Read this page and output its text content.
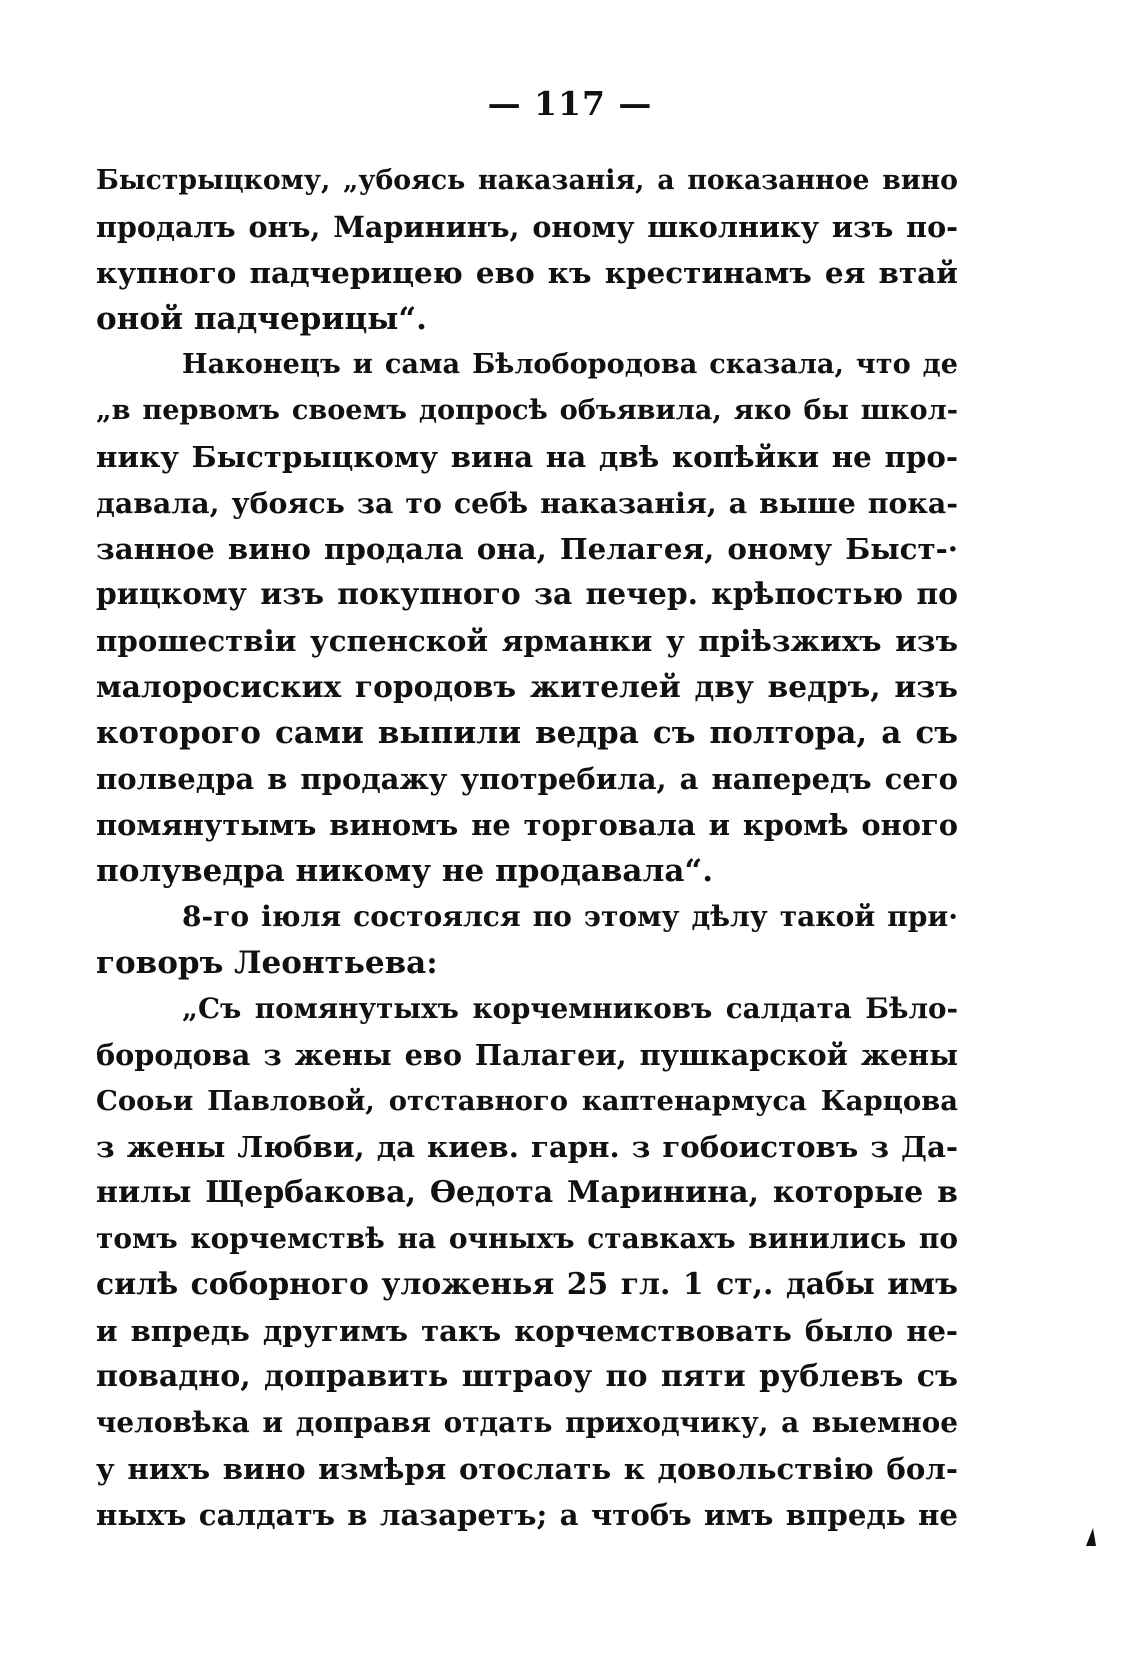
— 117 —
Быстрыцкому, „убоясь наказанія, а показанное вино
продалъ онъ, Марининъ, оному школнику изъ по-
купного падчерицею ево къ крестинамъ ея втай
оной падчерицы“.
Наконецъ и сама Бѣлобородова сказала, что де
„в первомъ своемъ допросѣ объявила, яко бы школ-
нику Быстрыцкому вина на двѣ копѣйки не про-
давала, убоясь за то себѣ наказанія, а выше пока-
занное вино продала она, Пелагея, оному Быст-·
рицкому изъ покупного за печер. крѣпостью по
прошествіи успенской ярманки у пріѣзжихъ изъ
малоросиских городовъ жителей дву ведръ, изъ
которого сами выпили ведра съ полтора, а съ
полведра в продажу употребила, а напередъ сего
помянутымъ виномъ не торговала и кромѣ оного
полуведра никому не продавала“.
8-го іюля состоялся по этому дѣлу такой при·
говоръ Леонтьева:
„Съ помянутыхъ корчемниковъ салдата Бѣло-
бородова з жены ево Палагеи, пушкарской жены
Сооьи Павловой, отставного каптенармуса Карцова
з жены Любви, да киев. гарн. з гобоистовъ з Да-
нилы Щербакова, Өедота Маринина, которые в
томъ корчемствѣ на очныхъ ставкахъ винились по
силѣ соборного уложенья 25 гл. 1 ст,. дабы имъ
и впредь другимъ такъ корчемствовать было не-
повадно, доправить штраоу по пяти рублевъ съ
человѣка и доправя отдать приходчику, а выемное
у нихъ вино измѣря отослать к довольствію бол-
ныхъ салдатъ в лазаретъ; а чтобъ имъ впредь не
